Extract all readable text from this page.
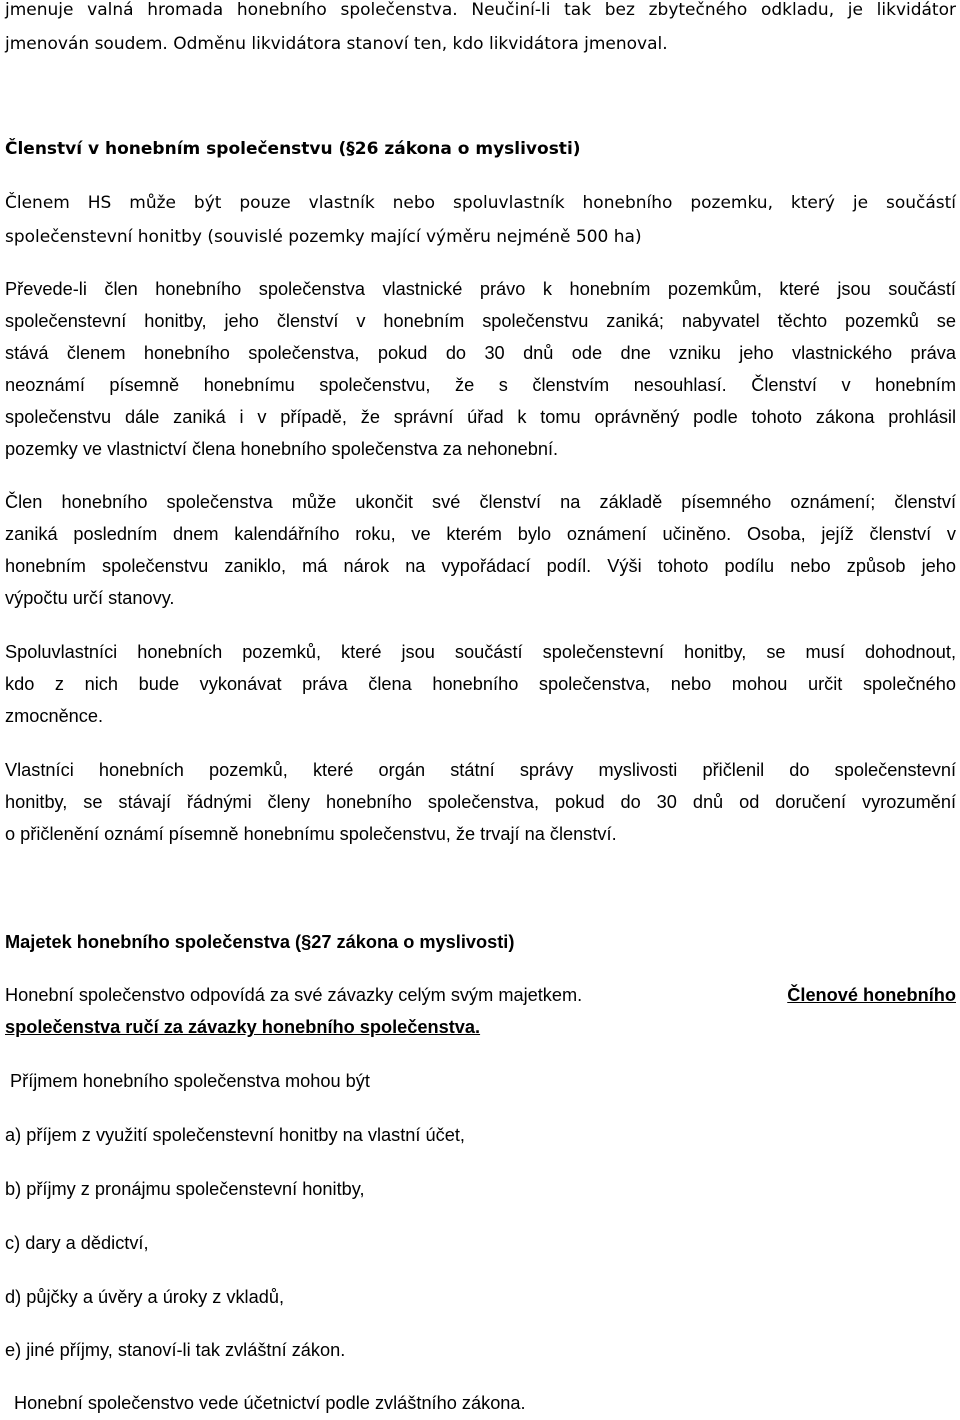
jmenuje valná hromada honebního společenstva. Neučiní-li tak bez zbytečného odkladu, je likvidátor
jmenován soudem. Odměnu likvidátora stanoví ten, kdo likvidátora jmenoval.
Členství v honebním společenstvu (§26 zákona o myslivosti)
Členem HS může být pouze vlastník nebo spoluvlastník honebního pozemku, který je součástí
společenstevní honitby (souvislé pozemky mající výměru nejméně 500 ha)
Převede-li člen honebního společenstva vlastnické právo k honebním pozemkům, které jsou součástí
společenstevní honitby, jeho členství v honebním společenstvu zaniká; nabyvatel těchto pozemků se
stává členem honebního společenstva, pokud do 30 dnů ode dne vzniku jeho vlastnického práva
neoznámí písemně honebnímu společenstvu, že s členstvím nesouhlasí. Členství v honebním
společenstvu dále zaniká i v případě, že správní úřad k tomu oprávněný podle tohoto zákona prohlásil
pozemky ve vlastnictví člena honebního společenstva za nehonební.
Člen honebního společenstva může ukončit své členství na základě písemného oznámení; členství
zaniká posledním dnem kalendářního roku, ve kterém bylo oznámení učiněno. Osoba, jejíž členství v
honebním společenstvu zaniklo, má nárok na vypořádací podíl. Výši tohoto podílu nebo způsob jeho
výpočtu určí stanovy.
Spoluvlastníci honebních pozemků, které jsou součástí společenstevní honitby, se musí dohodnout,
kdo z nich bude vykonávat práva člena honebního společenstva, nebo mohou určit společného
zmocněnce.
Vlastníci honebních pozemků, které orgán státní správy myslivosti přičlenil do společenstevní
honitby, se stávají řádnými členy honebního společenstva, pokud do 30 dnů od doručení vyrozumění
o přičlenění oznámí písemně honebnímu společenstvu, že trvají na členství.
Majetek honebního společenstva (§27 zákona o myslivosti)
Honební společenstvo odpovídá za své závazky celým svým majetkem.	Členové honebního
společenstva ručí za závazky honebního společenstva.
Příjmem honebního společenstva mohou být
a) příjem z využití společenstevní honitby na vlastní účet,
b) příjmy z pronájmu společenstevní honitby,
c) dary a dědictví,
d) půjčky a úvěry a úroky z vkladů,
e) jiné příjmy, stanoví-li tak zvláštní zákon.
Honební společenstvo vede účetnictví podle zvláštního zákona.
